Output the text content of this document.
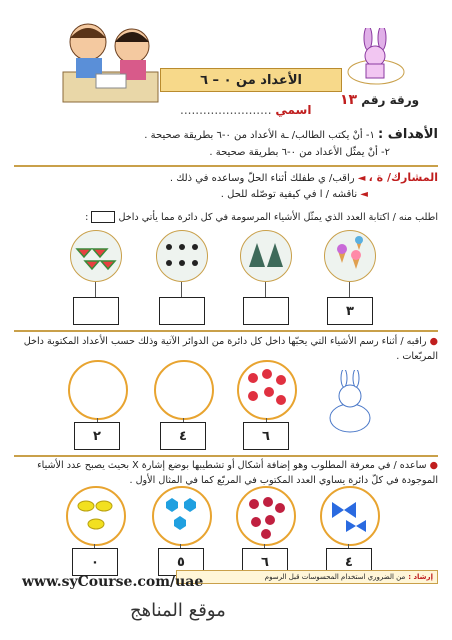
الأعداد من ٠ – ٦
ورقة رقم ١٣
اسمي ........................
الأهداف : ١- أنْ يكتب الطالب/ ـة الأعداد من ٠-٦ بطريقة صحيحة .
٢- أنْ يمثّل الأعداد من ٠-٦ بطريقة صحيحة .
المشارك/ ة ، ◄ راقب/ ي طفلك أثناء الحلّ وساعده في ذلك .
◄ ناقشه / ا في كيفية توصّله للحل .
اطلب منه / اكتابة العدد الذي يمثّل الأشياء المرسومة في كل دائرة مما يأتي داخل  :
٣
● راقبه / أثناء رسم الأشياء التي يحبّها داخل كل دائرة من الدوائر الآتية وذلك حسب الأعداد المكتوبة داخل المربّعات .
٦
٤
٢
● ساعده / في معرفة المطلوب وهو إضافة أشكال أو تشطيبها بوضع إشارة X بحيث يصبح عدد الأشياء الموجودة في كلّ دائرة يساوي العدد المكتوب في المربّع كما في المثال الأول .
٤
٦
٥
٠
إرشاد :
من الضروري استخدام المحسوسات قبل الرسوم
www.syCourse.com/uae
موقع المناهج
